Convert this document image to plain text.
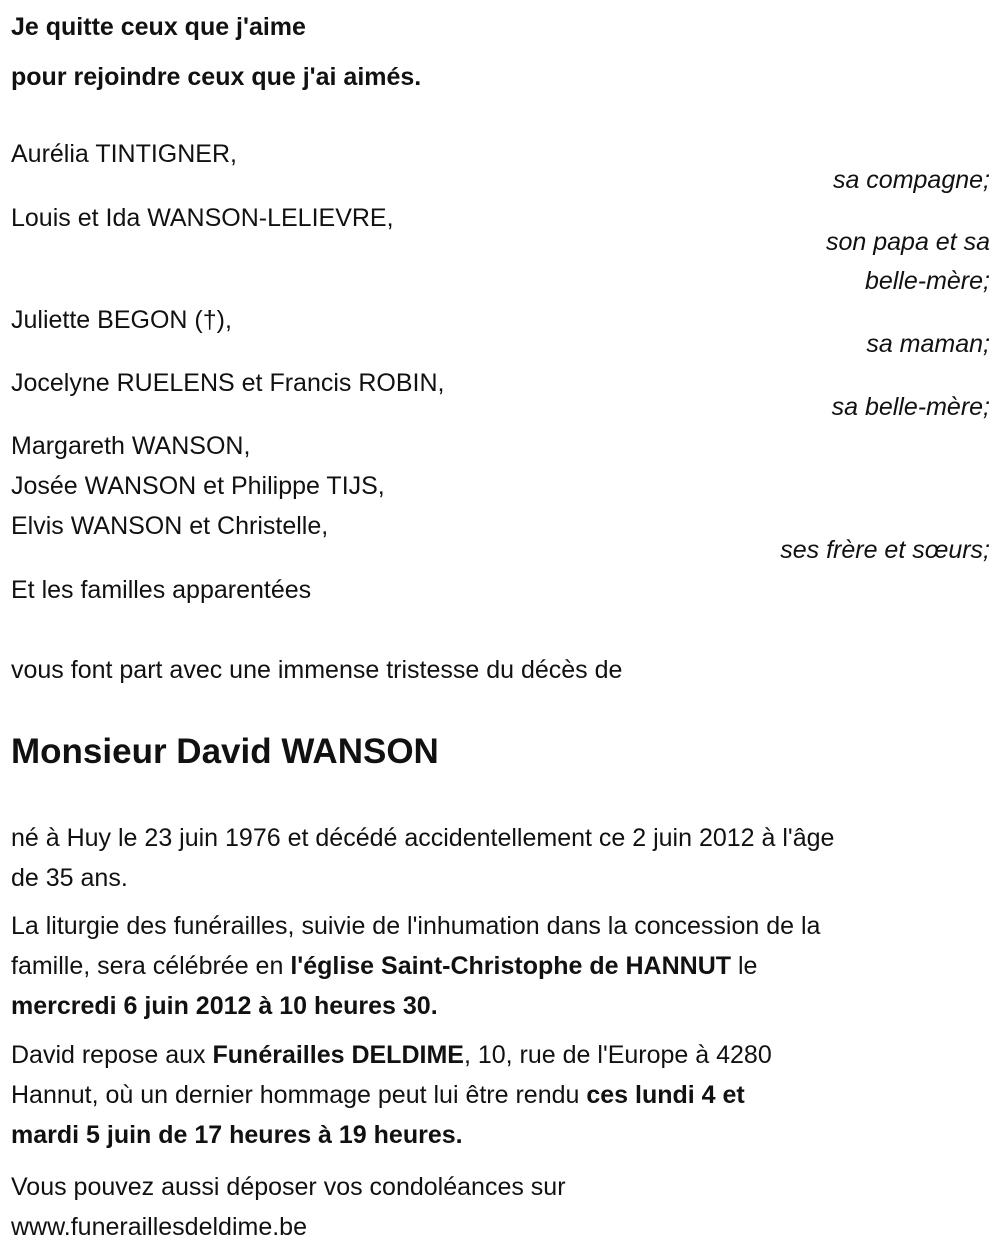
Je quitte ceux que j'aime
pour rejoindre ceux que j'ai aimés.
Aurélia TINTIGNER,
sa compagne;
Louis et Ida WANSON-LELIEVRE,
son papa et sa
belle-mère;
Juliette BEGON (†),
sa maman;
Jocelyne RUELENS et Francis ROBIN,
sa belle-mère;
Margareth WANSON,
Josée WANSON et Philippe TIJS,
Elvis WANSON et Christelle,
ses frère et sœurs;
Et les familles apparentées
vous font part avec une immense tristesse du décès de
Monsieur David WANSON
né à Huy le 23 juin 1976 et décédé accidentellement ce 2 juin 2012 à l'âge
de 35 ans.
La liturgie des funérailles, suivie de l'inhumation dans la concession de la
famille, sera célébrée en l'église Saint-Christophe de HANNUT le
mercredi 6 juin 2012 à 10 heures 30.
David repose aux Funérailles DELDIME, 10, rue de l'Europe à 4280
Hannut, où un dernier hommage peut lui être rendu ces lundi 4 et
mardi 5 juin de 17 heures à 19 heures.
Vous pouvez aussi déposer vos condoléances sur
www.funeraillesdeldime.be
